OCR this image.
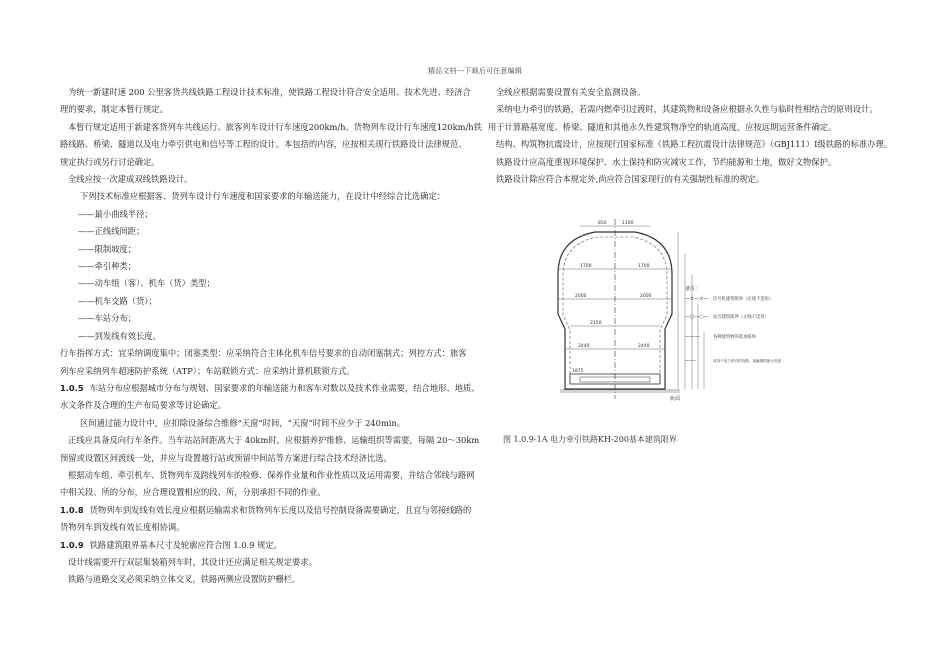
精品文档---下载后可任意编辑

为统一新建时速 200 公里客货共线铁路工程设计技术标准，使铁路工程设计符合安全适用、技术先进、经济合

理的要求，制定本暂行规定。

本暂行规定适用于新建客货列车共线运行、旅客列车设计行车速度200km/h、货物列车设计行车速度120km/h铁

路线路、桥梁、隧道以及电力牵引供电和信号等工程的设计。本包括的内容，应按相关现行铁路设计法律规范、

规定执行或另行讨论确定。

全线应按一次建成双线铁路设计。

下列技术标准应根据客、货列车设计行车速度和国家要求的年输送能力，在设计中经综合比选确定：

——最小曲线半径；

——正线线间距；

——限制坡度；

——牵引种类；

——动车组（客）、机车（货）类型；

——机车交路（货）；

——车站分布；

——到发线有效长度。

行车指挥方式：宜采纳调度集中；闭塞类型：应采纳符合主体化机车信号要求的自动闭塞制式；列控方式：旅客

列车应采纳列车超速防护系统（ATP）；车站联锁方式：应采纳计算机联锁方式。

1.0.5 车站分布应根据城市分布与规划、国家要求的年输送能力和客车对数以及技术作业需要，结合地形、地质、

水文条件及合理的生产布局要求等讨论确定。

区间通过能力设计中，应扣除设备综合维修“天窗”时间，“天窗”时间不应少于 240min。

正线应具备反向行车条件。当车站站间距离大于 40km时，应根据养护维修、运输组织等需要，每隔 20～30km

预留或设置区间渡线一处，并应与设置越行站或预留中间站等方案进行综合技术经济比选。

根据动车组、牵引机车、货物列车及跨线列车的检修、保养作业量和作业性质以及运用需要，并结合邻线与路网

中相关段、所的分布，应合理设置相应的段、所，分别承担不同的作业。

1.0.8 货物列车到发线有效长度应根据运输需求和货物列车长度以及信号控制设备需要确定，且宜与邻接线路的

货物列车到发线有效长度相协调。

1.0.9 铁路建筑限界基本尺寸及轮廓应符合图 1.0.9 规定。

设计线需要开行双层集装箱列车时，其设计还应满足相关规定要求。

铁路与道路交叉必须采纳立体交叉，铁路两侧应设置防护栅栏。

全线应根据需要设置有关安全监测设备。

采纳电力牵引的铁路，若需内燃牵引过渡时，其建筑物和设备应根据永久性与临时性相结合的原则设计。

用于计算路基宽度、桥梁、隧道和其他永久性建筑物净空的轨道高度，应按远期运营条件确定。

结构、构筑物抗震设计，应按现行国家标准《铁路工程抗震设计法律规范》（GBJ111）Ⅰ级铁路的标准办理。

铁路设计应高度重视环境保护、水土保持和防灾减灾工作，节约能源和土地，做好文物保护。

铁路设计除应符合本规定外,尚应符合国家现行的有关强制性标准的规定。

850	1100
1700	1700
2000	2000
2150
2440	2440
1875
轨面
备注：
—×—×— 信号机建筑限界（正线不适用）
—○—○— 站台建筑限界（正线不适用）
———	各种建筑物的基本限界
------	适用于电力牵引的线路，接触网的最小高度
图 1.0.9-1A 电力牵引铁路KH-200基本建筑限界
